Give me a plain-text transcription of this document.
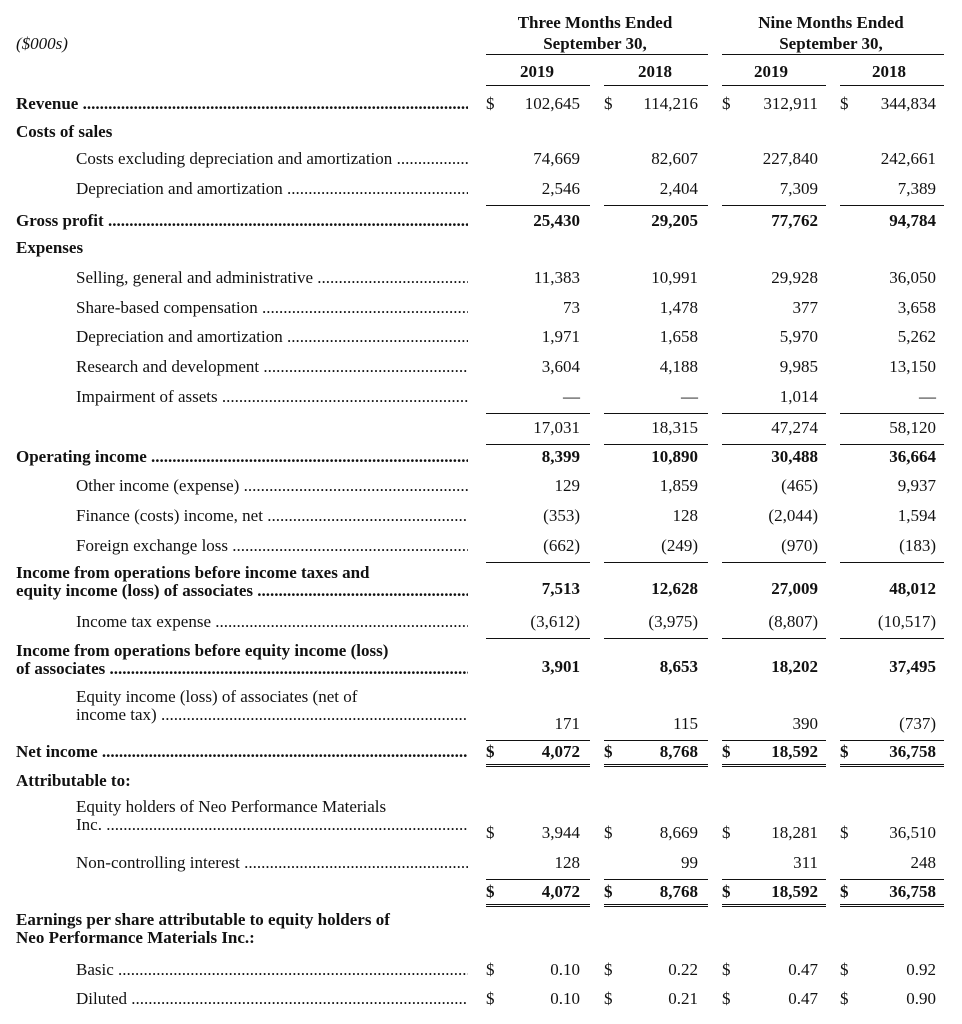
($000s)
Three Months Ended
September 30,
Nine Months Ended
September 30,
2019	2018	2019	2018
Revenue .....	$	102,645 $	114,216 $	312,911 $	344,834
Costs of sales
Costs excluding depreciation and amortization .....	74,669	82,607	227,840	242,661
Depreciation and amortization .....	2,546	2,404	7,309	7,389
Gross profit .....	25,430	29,205	77,762	94,784
Expenses
Selling, general and administrative .....	11,383	10,991	29,928	36,050
Share-based compensation .....	73	1,478	377	3,658
Depreciation and amortization .....	1,971	1,658	5,970	5,262
Research and development .....	3,604	4,188	9,985	13,150
Impairment of assets .....	—	—	1,014	—
17,031	18,315	47,274	58,120
Operating income .....	8,399	10,890	30,488	36,664
Other income (expense) .....	129	1,859	(465)	9,937
Finance (costs) income, net .....	(353)	128	(2,044)	1,594
Foreign exchange loss .....	(662)	(249)	(970)	(183)
Income from operations before income taxes and
equity income (loss) of associates .....	7,513	12,628	27,009	48,012
Income tax expense .....	(3,612)	(3,975)	(8,807)	(10,517)
Income from operations before equity income (loss)
of associates .....	3,901	8,653	18,202	37,495
Equity income (loss) of associates (net of
income tax) .....	171	115	390	(737)
Net income .....	$	4,072 $	8,768 $	18,592 $	36,758
Attributable to:
Equity holders of Neo Performance Materials
Inc. .....	$	3,944 $	8,669 $	18,281 $	36,510
Non-controlling interest .....	128	99	311	248
$	4,072 $	8,768 $	18,592 $	36,758
Earnings per share attributable to equity holders of
Neo Performance Materials Inc.:
Basic .....	$	0.10 $	0.22 $	0.47 $	0.92
Diluted .....	$	0.10 $	0.21 $	0.47 $	0.90
